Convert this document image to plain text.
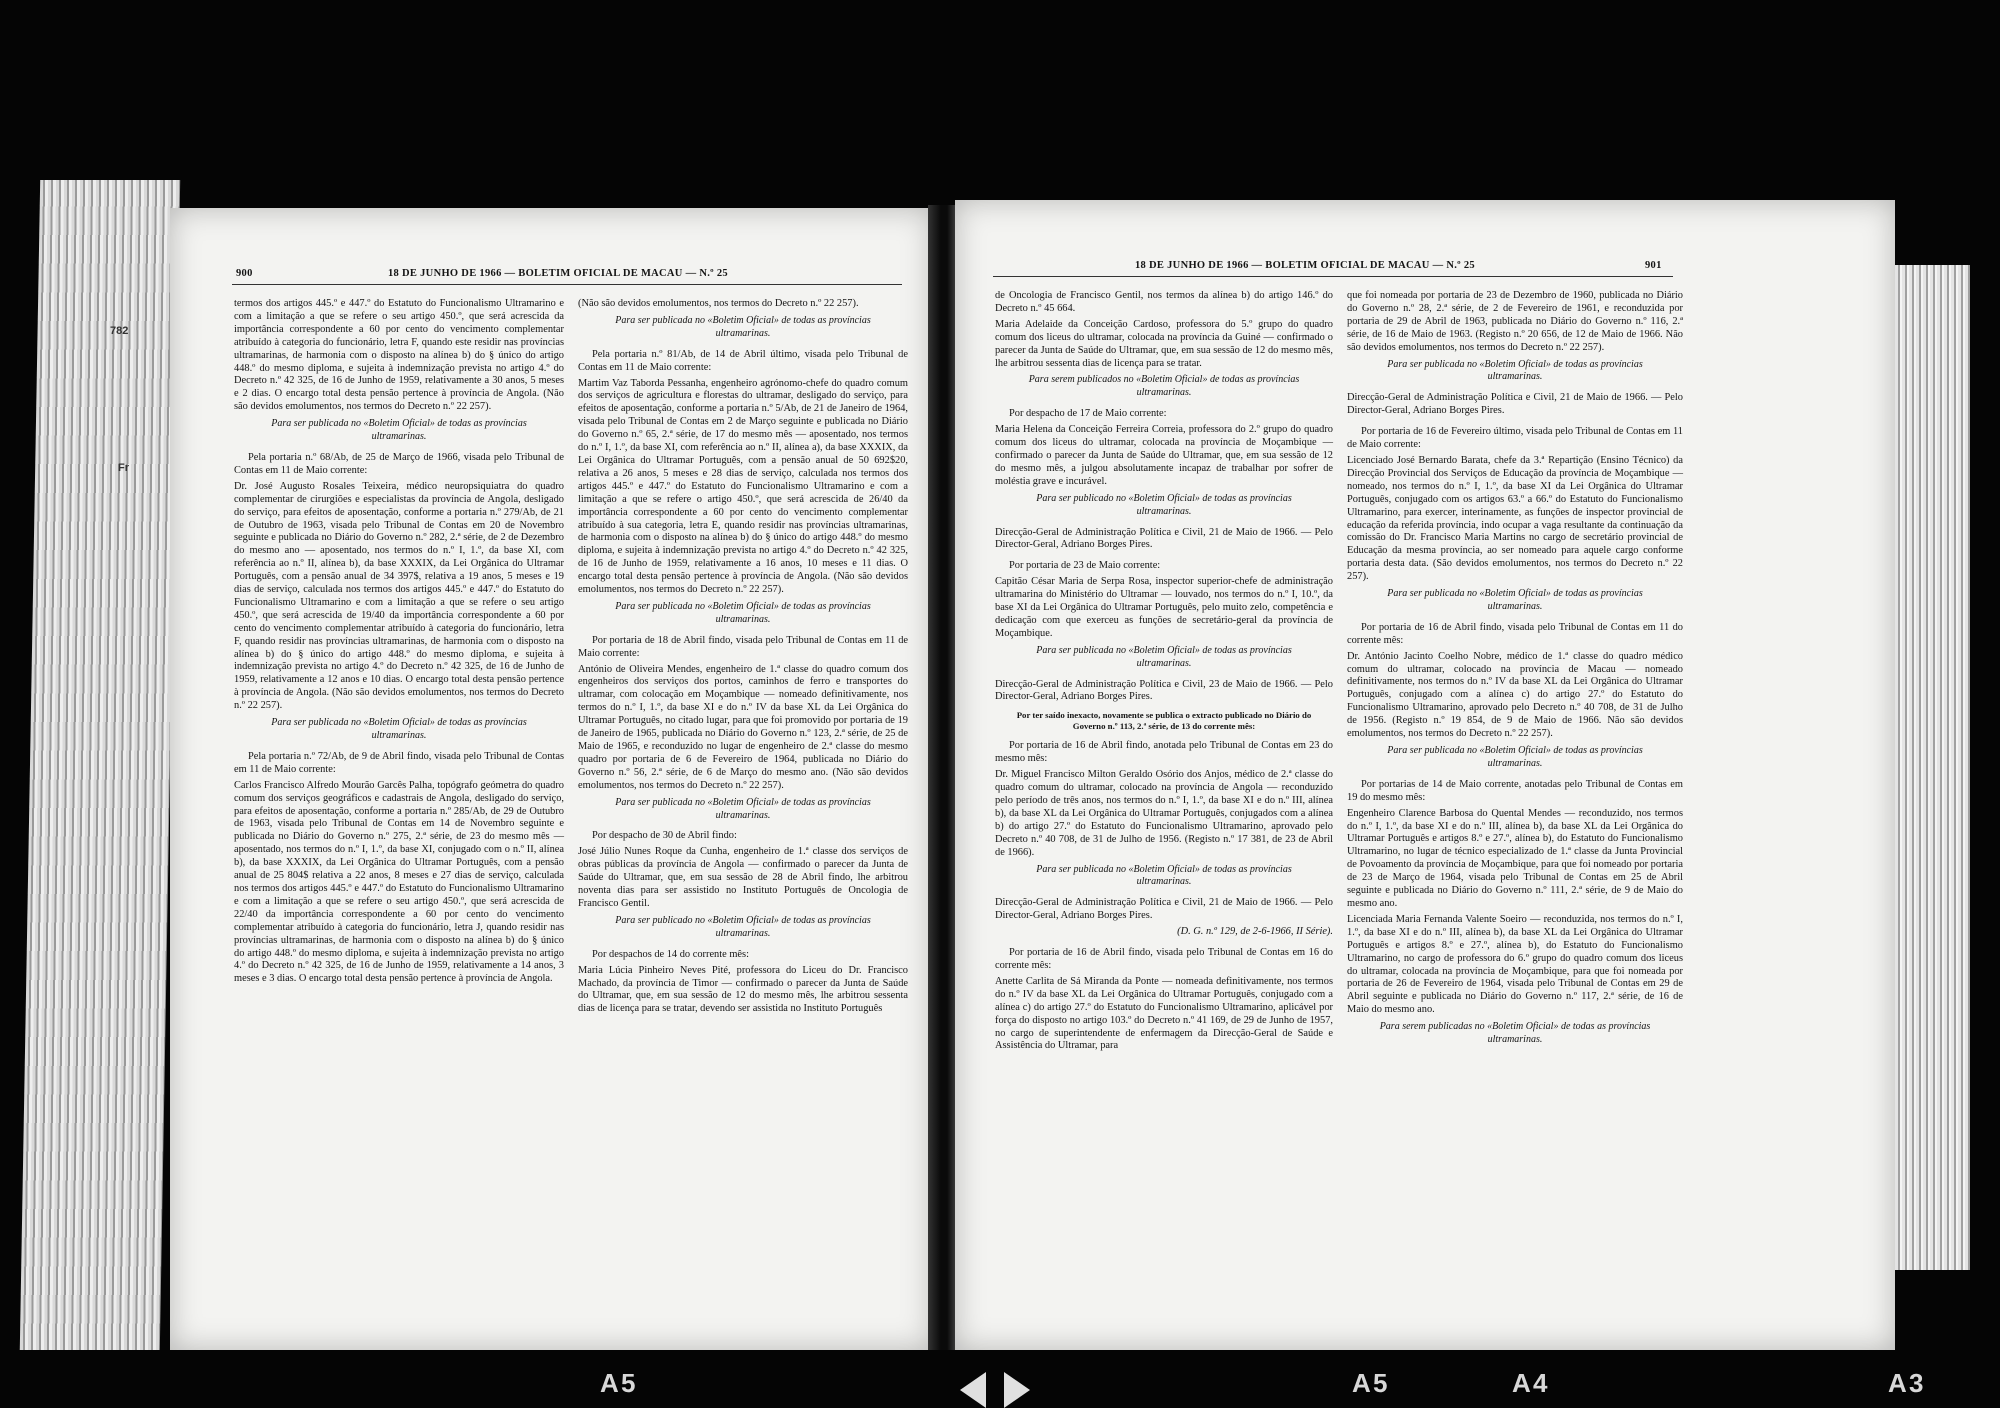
782
Fr
900	18 DE JUNHO DE 1966 — BOLETIM OFICIAL DE MACAU — N.º 25

termos dos artigos 445.º e 447.º do Estatuto do Funcionalismo Ultramarino e com a limitação a que se refere o seu artigo 450.º, que será acrescida da importância correspondente a 60 por cento do vencimento complementar atribuído à categoria do funcionário, letra F, quando este residir nas províncias ultramarinas, de harmonia com o disposto na alínea b) do § único do artigo 448.º do mesmo diploma, e sujeita à indemnização prevista no artigo 4.º do Decreto n.º 42 325, de 16 de Junho de 1959, relativamente a 30 anos, 5 meses e 2 dias. O encargo total desta pensão pertence à província de Angola. (Não são devidos emolumentos, nos termos do Decreto n.º 22 257).

Para ser publicada no «Boletim Oficial» de todas as províncias ultramarinas.

Pela portaria n.º 68/Ab, de 25 de Março de 1966, visada pelo Tribunal de Contas em 11 de Maio corrente:

Dr. José Augusto Rosales Teixeira, médico neuropsiquiatra do quadro complementar de cirurgiões e especialistas da província de Angola, desligado do serviço, para efeitos de aposentação, conforme a portaria n.º 279/Ab, de 21 de Outubro de 1963, visada pelo Tribunal de Contas em 20 de Novembro seguinte e publicada no Diário do Governo n.º 282, 2.ª série, de 2 de Dezembro do mesmo ano — aposentado, nos termos do n.º I, 1.º, da base XI, com referência ao n.º II, alínea b), da base XXXIX, da Lei Orgânica do Ultramar Português, com a pensão anual de 34 397$, relativa a 19 anos, 5 meses e 19 dias de serviço, calculada nos termos dos artigos 445.º e 447.º do Estatuto do Funcionalismo Ultramarino e com a limitação a que se refere o seu artigo 450.º, que será acrescida de 19/40 da importância correspondente a 60 por cento do vencimento complementar atribuído à categoria do funcionário, letra F, quando residir nas províncias ultramarinas, de harmonia com o disposto na alínea b) do § único do artigo 448.º do mesmo diploma, e sujeita à indemnização prevista no artigo 4.º do Decreto n.º 42 325, de 16 de Junho de 1959, relativamente a 12 anos e 10 dias. O encargo total desta pensão pertence à província de Angola. (Não são devidos emolumentos, nos termos do Decreto n.º 22 257).

Para ser publicada no «Boletim Oficial» de todas as províncias ultramarinas.

Pela portaria n.º 72/Ab, de 9 de Abril findo, visada pelo Tribunal de Contas em 11 de Maio corrente:

Carlos Francisco Alfredo Mourão Garcês Palha, topógrafo geómetra do quadro comum dos serviços geográficos e cadastrais de Angola, desligado do serviço, para efeitos de aposentação, conforme a portaria n.º 285/Ab, de 29 de Outubro de 1963, visada pelo Tribunal de Contas em 14 de Novembro seguinte e publicada no Diário do Governo n.º 275, 2.ª série, de 23 do mesmo mês — aposentado, nos termos do n.º I, 1.º, da base XI, conjugado com o n.º II, alínea b), da base XXXIX, da Lei Orgânica do Ultramar Português, com a pensão anual de 25 804$ relativa a 22 anos, 8 meses e 27 dias de serviço, calculada nos termos dos artigos 445.º e 447.º do Estatuto do Funcionalismo Ultramarino e com a limitação a que se refere o seu artigo 450.º, que será acrescida de 22/40 da importância correspondente a 60 por cento do vencimento complementar atribuído à categoria do funcionário, letra J, quando residir nas províncias ultramarinas, de harmonia com o disposto na alínea b) do § único do artigo 448.º do mesmo diploma, e sujeita à indemnização prevista no artigo 4.º do Decreto n.º 42 325, de 16 de Junho de 1959, relativamente a 14 anos, 3 meses e 3 dias. O encargo total desta pensão pertence à província de Angola.

(Não são devidos emolumentos, nos termos do Decreto n.º 22 257).

Para ser publicada no «Boletim Oficial» de todas as províncias ultramarinas.

Pela portaria n.º 81/Ab, de 14 de Abril último, visada pelo Tribunal de Contas em 11 de Maio corrente:

Martim Vaz Taborda Pessanha, engenheiro agrónomo-chefe do quadro comum dos serviços de agricultura e florestas do ultramar, desligado do serviço, para efeitos de aposentação, conforme a portaria n.º 5/Ab, de 21 de Janeiro de 1964, visada pelo Tribunal de Contas em 2 de Março seguinte e publicada no Diário do Governo n.º 65, 2.ª série, de 17 do mesmo mês — aposentado, nos termos do n.º I, 1.º, da base XI, com referência ao n.º II, alínea a), da base XXXIX, da Lei Orgânica do Ultramar Português, com a pensão anual de 50 692$20, relativa a 26 anos, 5 meses e 28 dias de serviço, calculada nos termos dos artigos 445.º e 447.º do Estatuto do Funcionalismo Ultramarino e com a limitação a que se refere o artigo 450.º, que será acrescida de 26/40 da importância correspondente a 60 por cento do vencimento complementar atribuído à sua categoria, letra E, quando residir nas províncias ultramarinas, de harmonia com o disposto na alínea b) do § único do artigo 448.º do mesmo diploma, e sujeita à indemnização prevista no artigo 4.º do Decreto n.º 42 325, de 16 de Junho de 1959, relativamente a 16 anos, 10 meses e 11 dias. O encargo total desta pensão pertence à província de Angola. (Não são devidos emolumentos, nos termos do Decreto n.º 22 257).

Para ser publicada no «Boletim Oficial» de todas as províncias ultramarinas.

Por portaria de 18 de Abril findo, visada pelo Tribunal de Contas em 11 de Maio corrente:

António de Oliveira Mendes, engenheiro de 1.ª classe do quadro comum dos engenheiros dos serviços dos portos, caminhos de ferro e transportes do ultramar, com colocação em Moçambique — nomeado definitivamente, nos termos do n.º I, 1.º, da base XI e do n.º IV da base XL da Lei Orgânica do Ultramar Português, no citado lugar, para que foi promovido por portaria de 19 de Janeiro de 1965, publicada no Diário do Governo n.º 123, 2.ª série, de 25 de Maio de 1965, e reconduzido no lugar de engenheiro de 2.ª classe do mesmo quadro por portaria de 6 de Fevereiro de 1964, publicada no Diário do Governo n.º 56, 2.ª série, de 6 de Março do mesmo ano. (Não são devidos emolumentos, nos termos do Decreto n.º 22 257).

Para ser publicada no «Boletim Oficial» de todas as províncias ultramarinas.

Por despacho de 30 de Abril findo:

José Júlio Nunes Roque da Cunha, engenheiro de 1.ª classe dos serviços de obras públicas da província de Angola — confirmado o parecer da Junta de Saúde do Ultramar, que, em sua sessão de 28 de Abril findo, lhe arbitrou noventa dias para ser assistido no Instituto Português de Oncologia de Francisco Gentil.

Para ser publicado no «Boletim Oficial» de todas as províncias ultramarinas.

Por despachos de 14 do corrente mês:

Maria Lúcia Pinheiro Neves Pité, professora do Liceu do Dr. Francisco Machado, da província de Timor — confirmado o parecer da Junta de Saúde do Ultramar, que, em sua sessão de 12 do mesmo mês, lhe arbitrou sessenta dias de licença para se tratar, devendo ser assistida no Instituto Português

18 DE JUNHO DE 1966 — BOLETIM OFICIAL DE MACAU — N.º 25	901

de Oncologia de Francisco Gentil, nos termos da alínea b) do artigo 146.º do Decreto n.º 45 664.

Maria Adelaide da Conceição Cardoso, professora do 5.º grupo do quadro comum dos liceus do ultramar, colocada na província da Guiné — confirmado o parecer da Junta de Saúde do Ultramar, que, em sua sessão de 12 do mesmo mês, lhe arbitrou sessenta dias de licença para se tratar.

Para serem publicados no «Boletim Oficial» de todas as províncias ultramarinas.

Por despacho de 17 de Maio corrente:

Maria Helena da Conceição Ferreira Correia, professora do 2.º grupo do quadro comum dos liceus do ultramar, colocada na província de Moçambique — confirmado o parecer da Junta de Saúde do Ultramar, que, em sua sessão de 12 do mesmo mês, a julgou absolutamente incapaz de trabalhar por sofrer de moléstia grave e incurável.

Para ser publicado no «Boletim Oficial» de todas as províncias ultramarinas.

Direcção-Geral de Administração Política e Civil, 21 de Maio de 1966. — Pelo Director-Geral, Adriano Borges Pires.

Por portaria de 23 de Maio corrente:

Capitão César Maria de Serpa Rosa, inspector superior-chefe de administração ultramarina do Ministério do Ultramar — louvado, nos termos do n.º I, 10.º, da base XI da Lei Orgânica do Ultramar Português, pelo muito zelo, competência e dedicação com que exerceu as funções de secretário-geral da província de Moçambique.

Para ser publicada no «Boletim Oficial» de todas as províncias ultramarinas.

Direcção-Geral de Administração Política e Civil, 23 de Maio de 1966. — Pelo Director-Geral, Adriano Borges Pires.

Por ter saído inexacto, novamente se publica o extracto publicado no Diário do Governo n.º 113, 2.ª série, de 13 do corrente mês:

Por portaria de 16 de Abril findo, anotada pelo Tribunal de Contas em 23 do mesmo mês:

Dr. Miguel Francisco Milton Geraldo Osório dos Anjos, médico de 2.ª classe do quadro comum do ultramar, colocado na província de Angola — reconduzido pelo período de três anos, nos termos do n.º I, 1.º, da base XI e do n.º III, alínea b), da base XL da Lei Orgânica do Ultramar Português, conjugados com a alínea b) do artigo 27.º do Estatuto do Funcionalismo Ultramarino, aprovado pelo Decreto n.º 40 708, de 31 de Julho de 1956. (Registo n.º 17 381, de 23 de Abril de 1966).

Para ser publicada no «Boletim Oficial» de todas as províncias ultramarinas.

Direcção-Geral de Administração Política e Civil, 21 de Maio de 1966. — Pelo Director-Geral, Adriano Borges Pires.

(D. G. n.º 129, de 2-6-1966, II Série).

Por portaria de 16 de Abril findo, visada pelo Tribunal de Contas em 16 do corrente mês:

Anette Carlita de Sá Miranda da Ponte — nomeada definitivamente, nos termos do n.º IV da base XL da Lei Orgânica do Ultramar Português, conjugado com a alínea c) do artigo 27.º do Estatuto do Funcionalismo Ultramarino, aplicável por força do disposto no artigo 103.º do Decreto n.º 41 169, de 29 de Junho de 1957, no cargo de superintendente de enfermagem da Direcção-Geral de Saúde e Assistência do Ultramar, para

que foi nomeada por portaria de 23 de Dezembro de 1960, publicada no Diário do Governo n.º 28, 2.ª série, de 2 de Fevereiro de 1961, e reconduzida por portaria de 29 de Abril de 1963, publicada no Diário do Governo n.º 116, 2.ª série, de 16 de Maio de 1963. (Registo n.º 20 656, de 12 de Maio de 1966. Não são devidos emolumentos, nos termos do Decreto n.º 22 257).

Para ser publicada no «Boletim Oficial» de todas as províncias ultramarinas.

Direcção-Geral de Administração Política e Civil, 21 de Maio de 1966. — Pelo Director-Geral, Adriano Borges Pires.

Por portaria de 16 de Fevereiro último, visada pelo Tribunal de Contas em 11 de Maio corrente:

Licenciado José Bernardo Barata, chefe da 3.ª Repartição (Ensino Técnico) da Direcção Provincial dos Serviços de Educação da província de Moçambique — nomeado, nos termos do n.º I, 1.º, da base XI da Lei Orgânica do Ultramar Português, conjugado com os artigos 63.º a 66.º do Estatuto do Funcionalismo Ultramarino, para exercer, interinamente, as funções de inspector provincial de educação da referida província, indo ocupar a vaga resultante da continuação da comissão do Dr. Francisco Maria Martins no cargo de secretário provincial de Educação da mesma província, ao ser nomeado para aquele cargo conforme portaria desta data. (São devidos emolumentos, nos termos do Decreto n.º 22 257).

Para ser publicada no «Boletim Oficial» de todas as províncias ultramarinas.

Por portaria de 16 de Abril findo, visada pelo Tribunal de Contas em 11 do corrente mês:

Dr. António Jacinto Coelho Nobre, médico de 1.ª classe do quadro médico comum do ultramar, colocado na província de Macau — nomeado definitivamente, nos termos do n.º IV da base XL da Lei Orgânica do Ultramar Português, conjugado com a alínea c) do artigo 27.º do Estatuto do Funcionalismo Ultramarino, aprovado pelo Decreto n.º 40 708, de 31 de Julho de 1956. (Registo n.º 19 854, de 9 de Maio de 1966. Não são devidos emolumentos, nos termos do Decreto n.º 22 257).

Para ser publicada no «Boletim Oficial» de todas as províncias ultramarinas.

Por portarias de 14 de Maio corrente, anotadas pelo Tribunal de Contas em 19 do mesmo mês:

Engenheiro Clarence Barbosa do Quental Mendes — reconduzido, nos termos do n.º I, 1.º, da base XI e do n.º III, alínea b), da base XL da Lei Orgânica do Ultramar Português e artigos 8.º e 27.º, alínea b), do Estatuto do Funcionalismo Ultramarino, no lugar de técnico especializado de 1.ª classe da Junta Provincial de Povoamento da província de Moçambique, para que foi nomeado por portaria de 23 de Março de 1964, visada pelo Tribunal de Contas em 25 de Abril seguinte e publicada no Diário do Governo n.º 111, 2.ª série, de 9 de Maio do mesmo ano.

Licenciada Maria Fernanda Valente Soeiro — reconduzida, nos termos do n.º I, 1.º, da base XI e do n.º III, alínea b), da base XL da Lei Orgânica do Ultramar Português e artigos 8.º e 27.º, alínea b), do Estatuto do Funcionalismo Ultramarino, no cargo de professora do 6.º grupo do quadro comum dos liceus do ultramar, colocada na província de Moçambique, para que foi nomeada por portaria de 26 de Fevereiro de 1964, visada pelo Tribunal de Contas em 29 de Abril seguinte e publicada no Diário do Governo n.º 117, 2.ª série, de 16 de Maio do mesmo ano.

Para serem publicadas no «Boletim Oficial» de todas as províncias ultramarinas.

A 5	A 5	A 4	A 3
